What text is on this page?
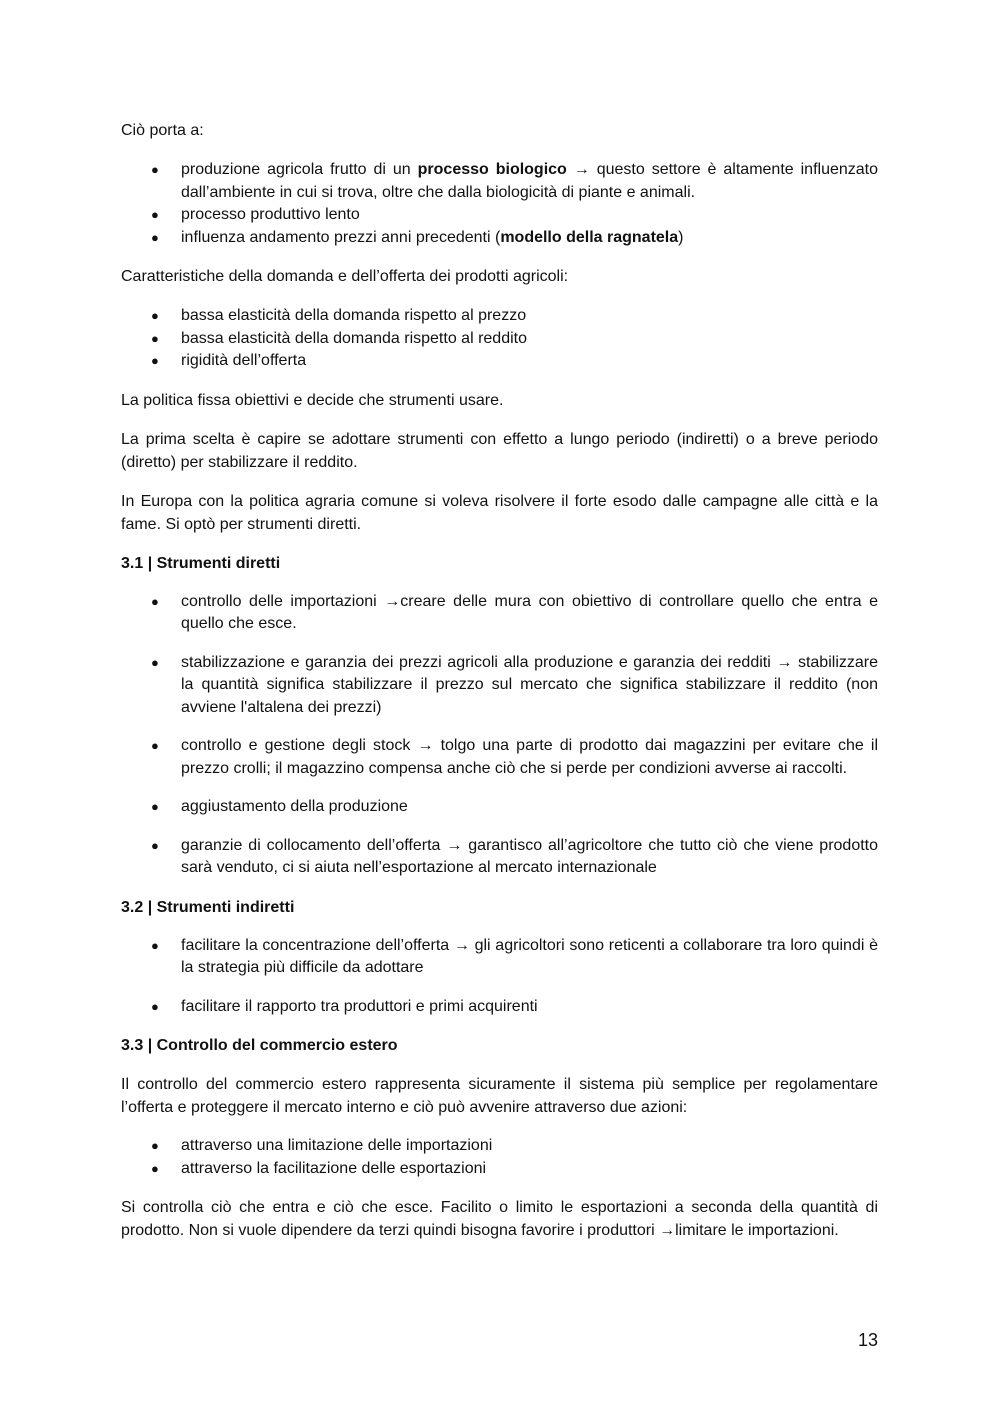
Ciò porta a:

● produzione agricola frutto di un processo biologico → questo settore è altamente influenzato dall’ambiente in cui si trova, oltre che dalla biologicità di piante e animali.
● processo produttivo lento
● influenza andamento prezzi anni precedenti (modello della ragnatela)

Caratteristiche della domanda e dell’offerta dei prodotti agricoli:

● bassa elasticità della domanda rispetto al prezzo
● bassa elasticità della domanda rispetto al reddito
● rigidità dell’offerta

La politica fissa obiettivi e decide che strumenti usare.

La prima scelta è capire se adottare strumenti con effetto a lungo periodo (indiretti) o a breve periodo (diretto) per stabilizzare il reddito.

In Europa con la politica agraria comune si voleva risolvere il forte esodo dalle campagne alle città e la fame. Si optò per strumenti diretti.

3.1 | Strumenti diretti
● controllo delle importazioni →creare delle mura con obiettivo di controllare quello che entra e quello che esce.
● stabilizzazione e garanzia dei prezzi agricoli alla produzione e garanzia dei redditi → stabilizzare la quantità significa stabilizzare il prezzo sul mercato che significa stabilizzare il reddito (non avviene l'altalena dei prezzi)
● controllo e gestione degli stock → tolgo una parte di prodotto dai magazzini per evitare che il prezzo crolli; il magazzino compensa anche ciò che si perde per condizioni avverse ai raccolti.
● aggiustamento della produzione
● garanzie di collocamento dell’offerta → garantisco all’agricoltore che tutto ciò che viene prodotto sarà venduto, ci si aiuta nell’esportazione al mercato internazionale
3.2 | Strumenti indiretti
● facilitare la concentrazione dell’offerta → gli agricoltori sono reticenti a collaborare tra loro quindi è la strategia più difficile da adottare
● facilitare il rapporto tra produttori e primi acquirenti
3.3 | Controllo del commercio estero

Il controllo del commercio estero rappresenta sicuramente il sistema più semplice per regolamentare l’offerta e proteggere il mercato interno e ciò può avvenire attraverso due azioni:

● attraverso una limitazione delle importazioni
● attraverso la facilitazione delle esportazioni

Si controlla ciò che entra e ciò che esce. Facilito o limito le esportazioni a seconda della quantità di prodotto. Non si vuole dipendere da terzi quindi bisogna favorire i produttori →limitare le importazioni.

13
